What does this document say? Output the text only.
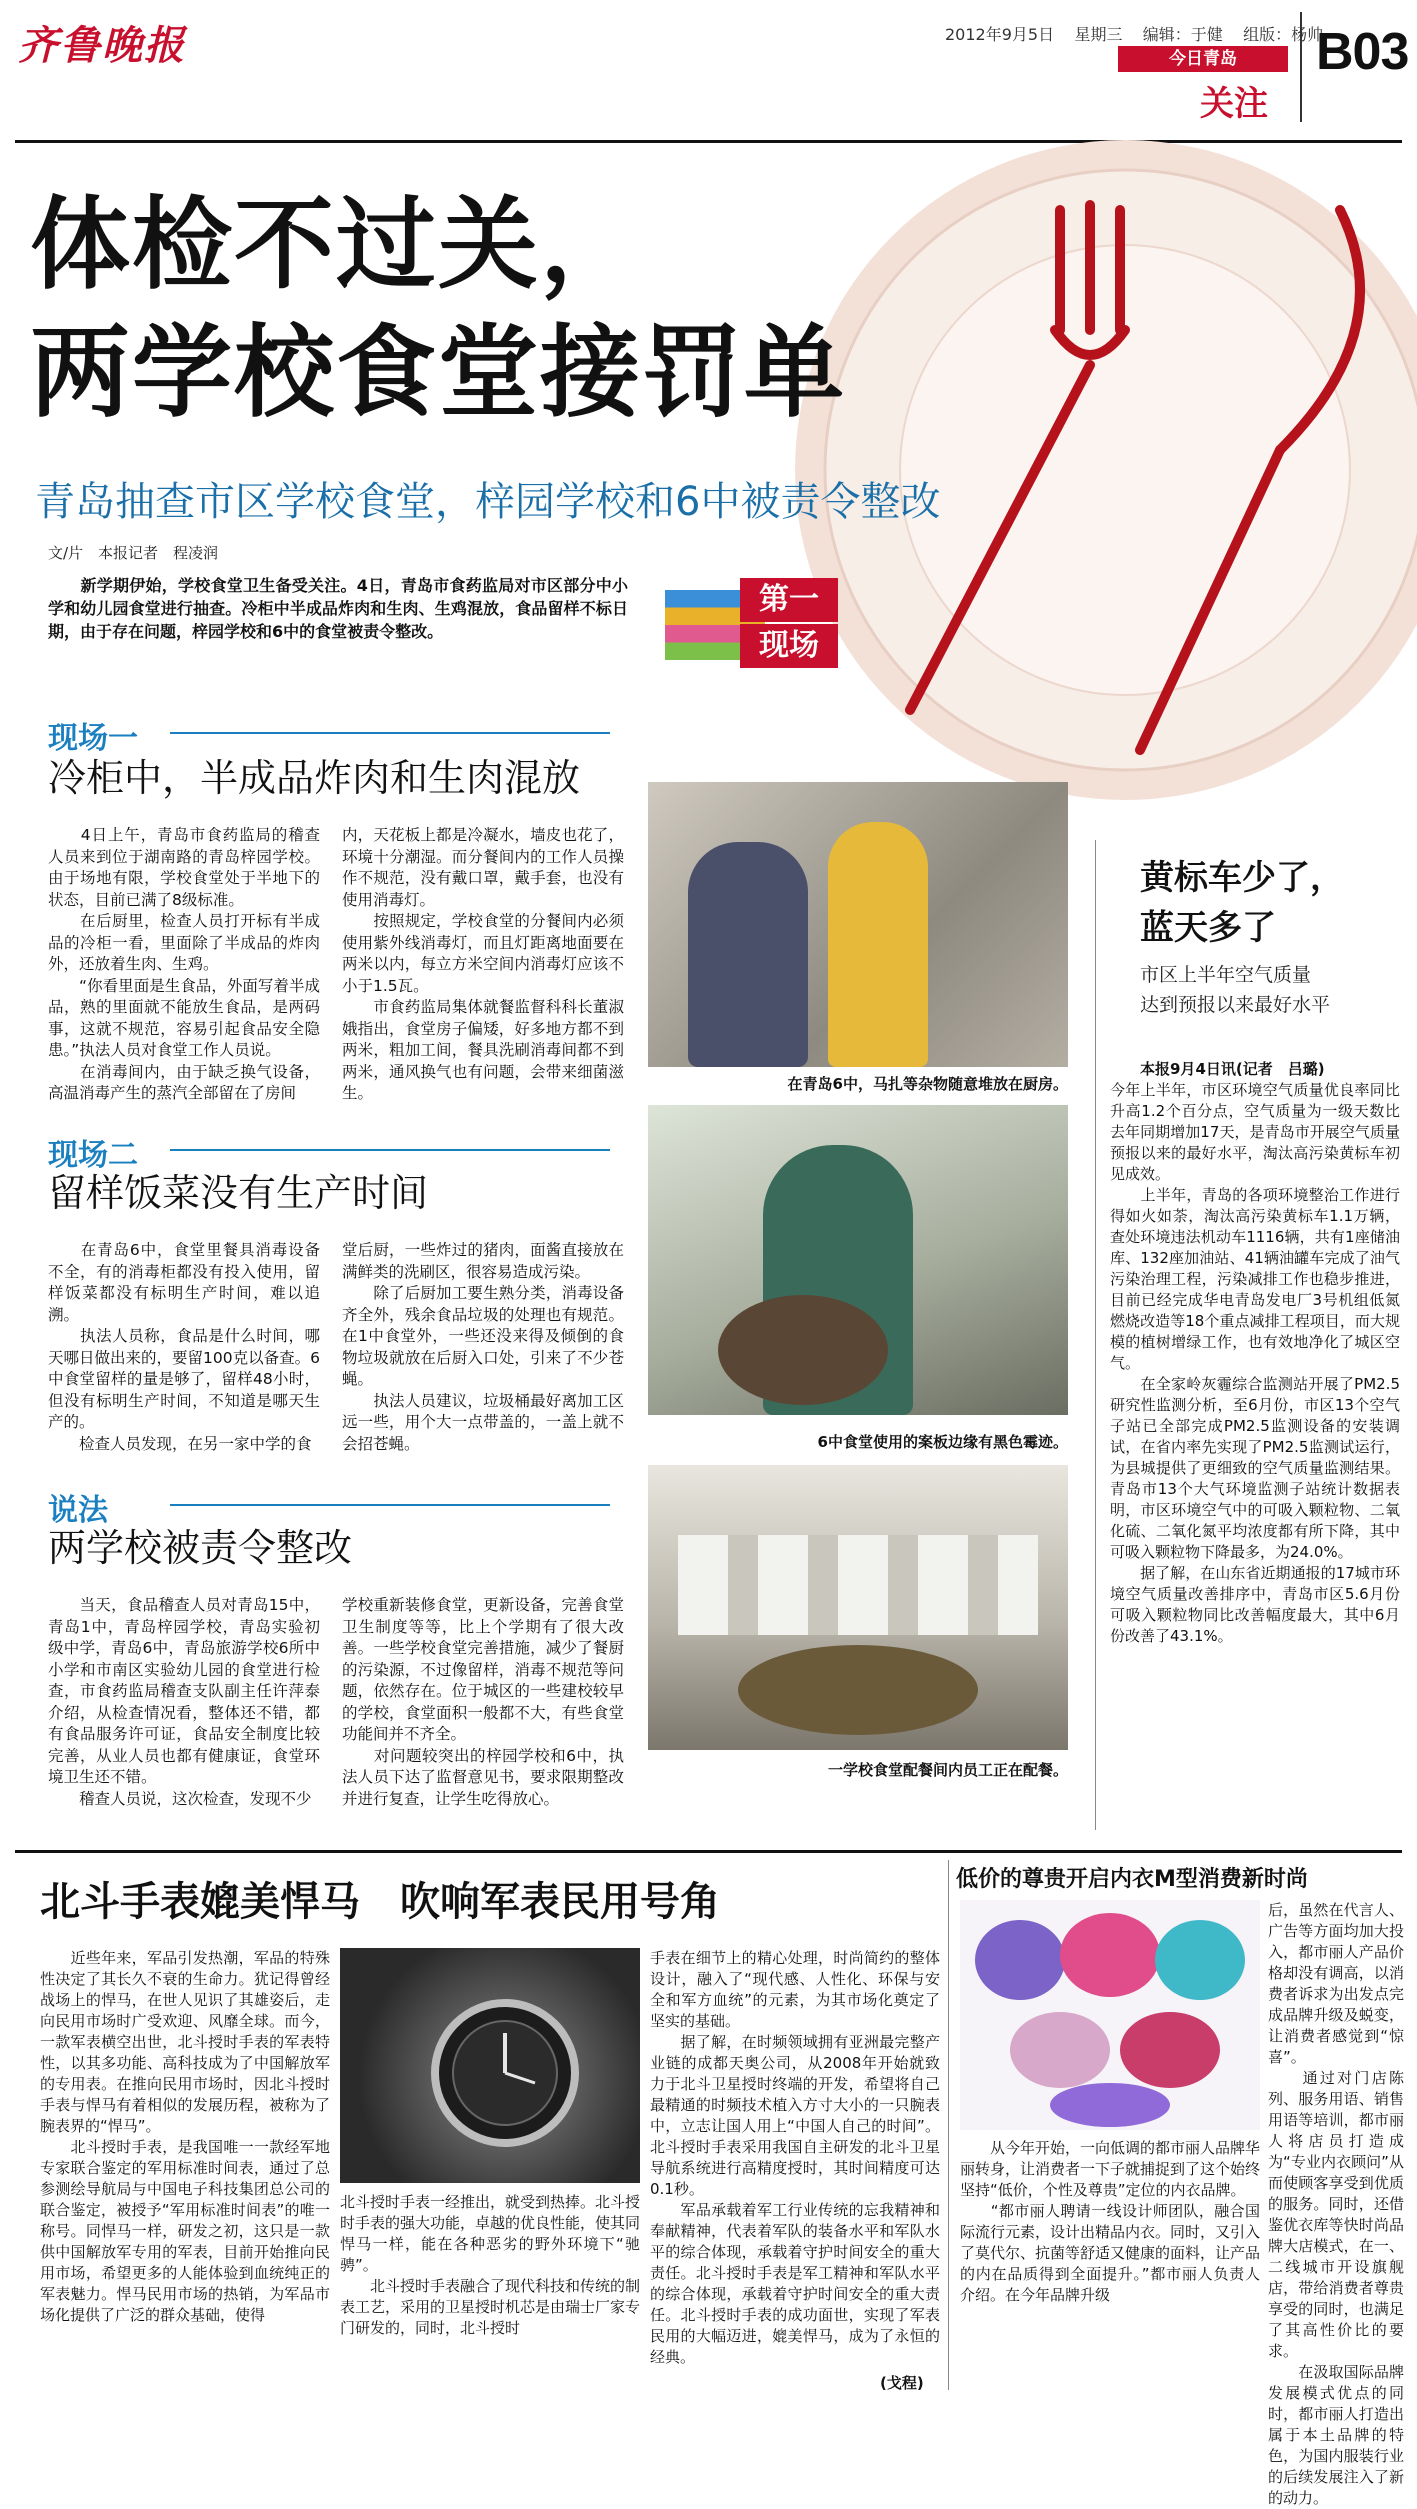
齐鲁晚报	2012年9月5日 星期三 编辑：于健 组版：杨帅
今日青岛
关注
B03
体检不过关，
两学校食堂接罚单
青岛抽查市区学校食堂，梓园学校和6中被责令整改
文/片　本报记者　程凌润
　　新学期伊始，学校食堂卫生备受关注。4日，青岛市食药监局对市区部分中小学和幼儿园食堂进行抽查。冷柜中半成品炸肉和生肉、生鸡混放，食品留样不标日期，由于存在问题，梓园学校和6中的食堂被责令整改。
第一
现场
现场一
冷柜中，半成品炸肉和生肉混放
　　4日上午，青岛市食药监局的稽查人员来到位于湖南路的青岛梓园学校。由于场地有限，学校食堂处于半地下的状态，目前已满了8级标准。
　　在后厨里，检查人员打开标有半成品的冷柜一看，里面除了半成品的炸肉外，还放着生肉、生鸡。
　　“你看里面是生食品，外面写着半成品，熟的里面就不能放生食品，是两码事，这就不规范，容易引起食品安全隐患。”执法人员对食堂工作人员说。
　　在消毒间内，由于缺乏换气设备，高温消毒产生的蒸汽全部留在了房间
内，天花板上都是冷凝水，墙皮也花了，环境十分潮湿。而分餐间内的工作人员操作不规范，没有戴口罩，戴手套，也没有使用消毒灯。
　　按照规定，学校食堂的分餐间内必须使用紫外线消毒灯，而且灯距离地面要在两米以内，每立方米空间内消毒灯应该不小于1.5瓦。
　　市食药监局集体就餐监督科科长董淑娥指出，食堂房子偏矮，好多地方都不到两米，粗加工间，餐具洗刷消毒间都不到两米，通风换气也有问题，会带来细菌滋生。
现场二
留样饭菜没有生产时间
　　在青岛6中，食堂里餐具消毒设备不全，有的消毒柜都没有投入使用，留样饭菜都没有标明生产时间，难以追溯。
　　执法人员称，食品是什么时间，哪天哪日做出来的，要留100克以备查。6中食堂留样的量是够了，留样48小时，但没有标明生产时间，不知道是哪天生产的。
　　检查人员发现，在另一家中学的食
堂后厨，一些炸过的猪肉，面酱直接放在满鲜类的洗刷区，很容易造成污染。
　　除了后厨加工要生熟分类，消毒设备齐全外，残余食品垃圾的处理也有规范。在1中食堂外，一些还没来得及倾倒的食物垃圾就放在后厨入口处，引来了不少苍蝇。
　　执法人员建议，垃圾桶最好离加工区远一些，用个大一点带盖的，一盖上就不会招苍蝇。
说法
两学校被责令整改
　　当天，食品稽查人员对青岛15中，青岛1中，青岛梓园学校，青岛实验初级中学，青岛6中，青岛旅游学校6所中小学和市南区实验幼儿园的食堂进行检查，市食药监局稽查支队副主任许萍泰介绍，从检查情况看，整体还不错，都有食品服务许可证，食品安全制度比较完善，从业人员也都有健康证，食堂环境卫生还不错。
　　稽查人员说，这次检查，发现不少
学校重新装修食堂，更新设备，完善食堂卫生制度等等，比上个学期有了很大改善。一些学校食堂完善措施，减少了餐厨的污染源，不过像留样，消毒不规范等问题，依然存在。位于城区的一些建校较早的学校，食堂面积一般都不大，有些食堂功能间并不齐全。
　　对问题较突出的梓园学校和6中，执法人员下达了监督意见书，要求限期整改并进行复查，让学生吃得放心。
在青岛6中，马扎等杂物随意堆放在厨房。
6中食堂使用的案板边缘有黑色霉迹。
一学校食堂配餐间内员工正在配餐。
黄标车少了，
蓝天多了
市区上半年空气质量
达到预报以来最好水平
　　本报9月4日讯(记者　吕璐)
今年上半年，市区环境空气质量优良率同比升高1.2个百分点，空气质量为一级天数比去年同期增加17天，是青岛市开展空气质量预报以来的最好水平，淘汰高污染黄标车初见成效。
　　上半年，青岛的各项环境整治工作进行得如火如荼，淘汰高污染黄标车1.1万辆，查处环境违法机动车1116辆，共有1座储油库、132座加油站、41辆油罐车完成了油气污染治理工程，污染减排工作也稳步推进，目前已经完成华电青岛发电厂3号机组低氮燃烧改造等18个重点减排工程项目，而大规模的植树增绿工作，也有效地净化了城区空气。
　　在全家岭灰霾综合监测站开展了PM2.5研究性监测分析，至6月份，市区13个空气子站已全部完成PM2.5监测设备的安装调试，在省内率先实现了PM2.5监测试运行，为县城提供了更细致的空气质量监测结果。青岛市13个大气环境监测子站统计数据表明，市区环境空气中的可吸入颗粒物、二氧化硫、二氧化氮平均浓度都有所下降，其中可吸入颗粒物下降最多，为24.0%。
　　据了解，在山东省近期通报的17城市环境空气质量改善排序中，青岛市区5.6月份可吸入颗粒物同比改善幅度最大，其中6月份改善了43.1%。
北斗手表媲美悍马　吹响军表民用号角
　　近些年来，军品引发热潮，军品的特殊性决定了其长久不衰的生命力。犹记得曾经战场上的悍马，在世人见识了其雄姿后，走向民用市场时广受欢迎、风靡全球。而今，一款军表横空出世，北斗授时手表的军表特性，以其多功能、高科技成为了中国解放军的专用表。在推向民用市场时，因北斗授时手表与悍马有着相似的发展历程，被称为了腕表界的“悍马”。
　　北斗授时手表，是我国唯一一款经军地专家联合鉴定的军用标准时间表，通过了总参测绘导航局与中国电子科技集团总公司的联合鉴定，被授予“军用标准时间表”的唯一称号。同悍马一样，研发之初，这只是一款供中国解放军专用的军表，目前开始推向民用市场，希望更多的人能体验到血统纯正的军表魅力。悍马民用市场的热销，为军品市场化提供了广泛的群众基础，使得
北斗授时手表一经推出，就受到热捧。北斗授时手表的强大功能，卓越的优良性能，使其同悍马一样，能在各种恶劣的野外环境下“驰骋”。
　　北斗授时手表融合了现代科技和传统的制表工艺，采用的卫星授时机芯是由瑞士厂家专门研发的，同时，北斗授时
手表在细节上的精心处理，时尚简约的整体设计，融入了“现代感、人性化、环保与安全和军方血统”的元素，为其市场化奠定了坚实的基础。
　　据了解，在时频领域拥有亚洲最完整产业链的成都天奥公司，从2008年开始就致力于北斗卫星授时终端的开发，希望将自己最精通的时频技术植入方寸大小的一只腕表中，立志让国人用上“中国人自己的时间”。北斗授时手表采用我国自主研发的北斗卫星导航系统进行高精度授时，其时间精度可达0.1秒。
　　军品承载着军工行业传统的忘我精神和奉献精神，代表着军队的装备水平和军队水平的综合体现，承载着守护时间安全的重大责任。北斗授时手表是军工精神和军队水平的综合体现，承载着守护时间安全的重大责任。北斗授时手表的成功面世，实现了军表民用的大幅迈进，媲美悍马，成为了永恒的经典。
(戈程)
低价的尊贵开启内衣M型消费新时尚
后，虽然在代言人、广告等方面均加大投入，都市丽人产品价格却没有调高，以消费者诉求为出发点完成品牌升级及蜕变，让消费者感觉到“惊喜”。
　　通过对门店陈列、服务用语、销售用语等培训，都市丽人将店员打造成为“专业内衣顾问”从而使顾客享受到优质的服务。同时，还借鉴优衣库等快时尚品牌大店模式，在一、二线城市开设旗舰店，带给消费者尊贵享受的同时，也满足了其高性价比的要求。
　　在汲取国际品牌发展模式优点的同时，都市丽人打造出属于本土品牌的特色，为国内服装行业的后续发展注入了新的动力。
　　从今年开始，一向低调的都市丽人品牌华丽转身，让消费者一下子就捕捉到了这个始终坚持“低价，个性及尊贵”定位的内衣品牌。
　　“都市丽人聘请一线设计师团队，融合国际流行元素，设计出精品内衣。同时，又引入了莫代尔、抗菌等舒适又健康的面料，让产品的内在品质得到全面提升。”都市丽人负责人介绍。在今年品牌升级
